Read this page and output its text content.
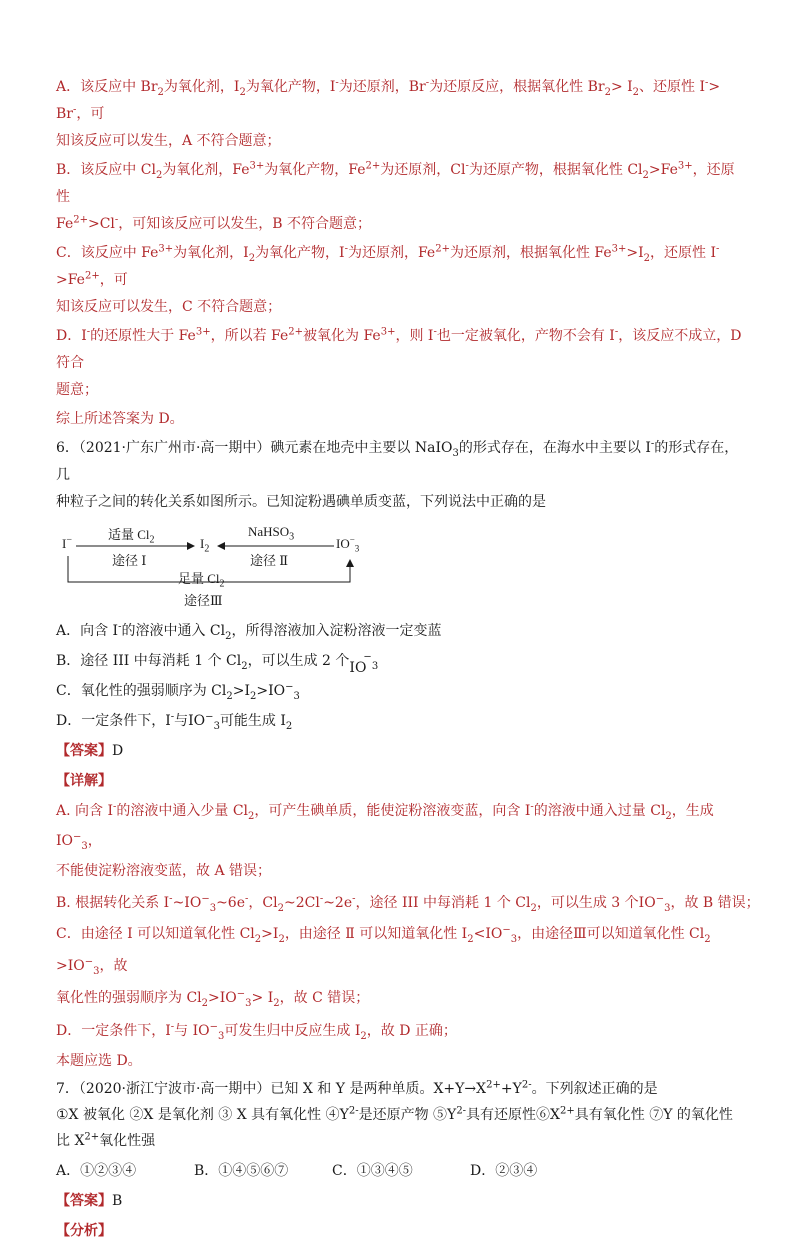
A．该反应中 $Br_2$为氧化剂，$I_2$为氧化产物，I-为还原剂，Br-为还原反应，根据氧化性 $Br_2> I_2$、还原性 I-> Br-，可
知该反应可以发生，A 不符合题意；
B．该反应中 $Cl_2$为氧化剂，$Fe^{3+}$为氧化产物，$Fe^{2+}$为还原剂，Cl-为还原产物，根据氧化性 $Cl_2>Fe^{3+}$，还原性
$Fe^{2+}>Cl^-$，可知该反应可以发生，B 不符合题意；
C．该反应中 $Fe^{3+}$为氧化剂，$I_2$为氧化产物，I-为还原剂，$Fe^{2+}$为还原剂，根据氧化性 $Fe^{3+}>I_2$，还原性 $I^->Fe^{2+}$，可
知该反应可以发生，C 不符合题意；
D．I-的还原性大于 $Fe^{3+}$，所以若 $Fe^{2+}$被氧化为 $Fe^{3+}$，则 I-也一定被氧化，产物不会有 I-，该反应不成立，D 符合
题意；
综上所述答案为 D。
6．（2021·广东广州市·高一期中）碘元素在地壳中主要以 NaIO$_3$的形式存在，在海水中主要以 I-的形式存在，几
种粒子之间的转化关系如图所示。已知淀粉遇碘单质变蓝，下列说法中正确的是
I−	$I_2$	$IO^-_3$
适量 $Cl_2$
途径 Ⅰ
NaHSO$_3$
途径 Ⅱ
足量 $Cl_2$
途径Ⅲ
A．向含 I-的溶液中通入 $Cl_2$，所得溶液加入淀粉溶液一定变蓝
B．途径 III 中每消耗 1 个 $Cl_2$，可以生成 2 个 IO
−$_3$
C．氧化性的强弱顺序为 $Cl_2>I_2>IO^-_3$
D．一定条件下，I-与$IO^-_3$可能生成 $I_2$
【答案】D
【详解】
A. 向含 I-的溶液中通入少量 $Cl_2$，可产生碘单质，能使淀粉溶液变蓝，向含 I-的溶液中通入过量 $Cl_2$，生成$IO^-_3$，
不能使淀粉溶液变蓝，故 A 错误；
B. 根据转化关系 $I^-\sim IO^-_3\sim 6e^-$，$Cl_2\sim 2Cl^-\sim 2e^-$，途径 III 中每消耗 1 个 $Cl_2$，可以生成 3 个$IO^-_3$，故 B 错误；
C．由途径 I 可以知道氧化性 $Cl_2>I_2$，由途径 Ⅱ 可以知道氧化性 $I_2<IO^-_3$，由途径Ⅲ可以知道氧化性 $Cl_2 >IO^-_3$，故
氧化性的强弱顺序为 $Cl_2>IO^-_3> I_2$，故 C 错误；
D．一定条件下，I-与 $IO^-_3$可发生归中反应生成 $I_2$，故 D 正确；
本题应选 D。
7．（2020·浙江宁波市·高一期中）已知 X 和 Y 是两种单质。$X+Y\to X^{2+}+Y^{2-}$。下列叙述正确的是
①X 被氧化 ②X 是氧化剂 ③ X 具有氧化性 $④Y^{2-}$是还原产物 $⑤Y^{2-}$具有还原性$⑥X^{2+}$具有氧化性 ⑦Y 的氧化性
比 $X^{2+}$氧化性强
A．①②③④	B．①④⑤⑥⑦	C．①③④⑤	D．②③④
【答案】B
【分析】
